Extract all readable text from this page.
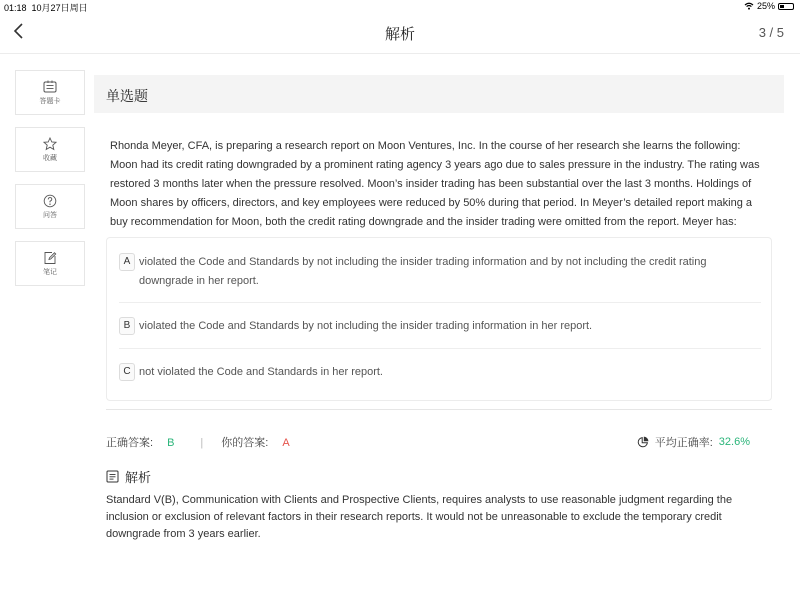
01:18 10月27日周日	25%
解析	3 / 5
答题卡
收藏
问答
笔记
单选题
Rhonda Meyer, CFA, is preparing a research report on Moon Ventures, Inc. In the course of her research she learns the following: Moon had its credit rating downgraded by a prominent rating agency 3 years ago due to sales pressure in the industry. The rating was restored 3 months later when the pressure resolved. Moon’s insider trading has been substantial over the last 3 months. Holdings of Moon shares by officers, directors, and key employees were reduced by 50% during that period. In Meyer’s detailed report making a buy recommendation for Moon, both the credit rating downgrade and the insider trading were omitted from the report. Meyer has:
A violated the Code and Standards by not including the insider trading information and by not including the credit rating downgrade in her report.
B violated the Code and Standards by not including the insider trading information in her report.
C not violated the Code and Standards in her report.
正确答案: B | 你的答案: A	平均正确率: 32.6%
解析
Standard V(B), Communication with Clients and Prospective Clients, requires analysts to use reasonable judgment regarding the inclusion or exclusion of relevant factors in their research reports. It would not be unreasonable to exclude the temporary credit downgrade from 3 years earlier.
